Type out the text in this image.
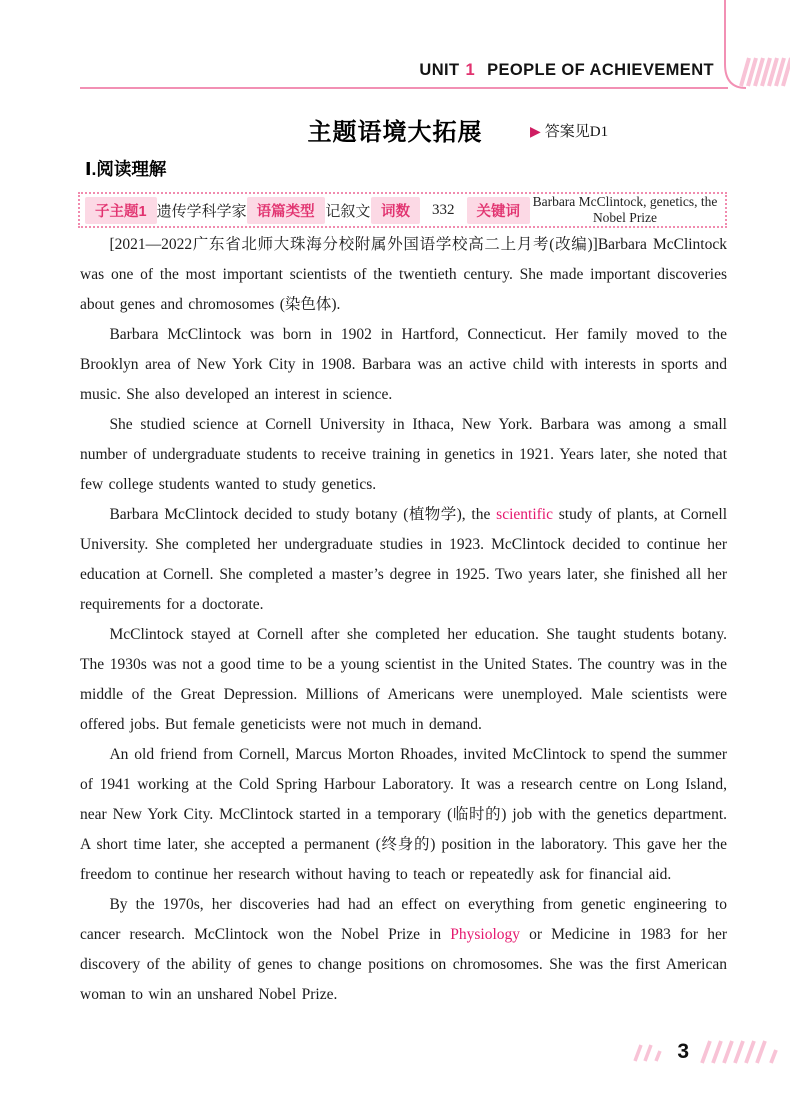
UNIT 1 PEOPLE OF ACHIEVEMENT
主题语境大拓展	▶ 答案见D1
Ⅰ.阅读理解
子主题1 遗传学科学家 语篇类型 记叙文 词数	332	关键词
Barbara McClintock, genetics, the Nobel Prize

[2021—2022广东省北师大珠海分校附属外国语学校高二上月考(改编)]Barbara McClintock was one of the most important scientists of the twentieth century. She made important discoveries about genes and chromosomes (染色体).

Barbara McClintock was born in 1902 in Hartford, Connecticut. Her family moved to the Brooklyn area of New York City in 1908. Barbara was an active child with interests in sports and music. She also developed an interest in science.

She studied science at Cornell University in Ithaca, New York. Barbara was among a small number of undergraduate students to receive training in genetics in 1921. Years later, she noted that few college students wanted to study genetics.

Barbara McClintock decided to study botany (植物学), the scientific study of plants, at Cornell University. She completed her undergraduate studies in 1923. McClintock decided to continue her education at Cornell. She completed a master’s degree in 1925. Two years later, she finished all her requirements for a doctorate.

McClintock stayed at Cornell after she completed her education. She taught students botany. The 1930s was not a good time to be a young scientist in the United States. The country was in the middle of the Great Depression. Millions of Americans were unemployed. Male scientists were offered jobs. But female geneticists were not much in demand.

An old friend from Cornell, Marcus Morton Rhoades, invited McClintock to spend the summer of 1941 working at the Cold Spring Harbour Laboratory. It was a research centre on Long Island, near New York City. McClintock started in a temporary (临时的) job with the genetics department. A short time later, she accepted a permanent (终身的) position in the laboratory. This gave her the freedom to continue her research without having to teach or repeatedly ask for financial aid.

By the 1970s, her discoveries had had an effect on everything from genetic engineering to cancer research. McClintock won the Nobel Prize in Physiology or Medicine in 1983 for her discovery of the ability of genes to change positions on chromosomes. She was the first American woman to win an unshared Nobel Prize.

3
